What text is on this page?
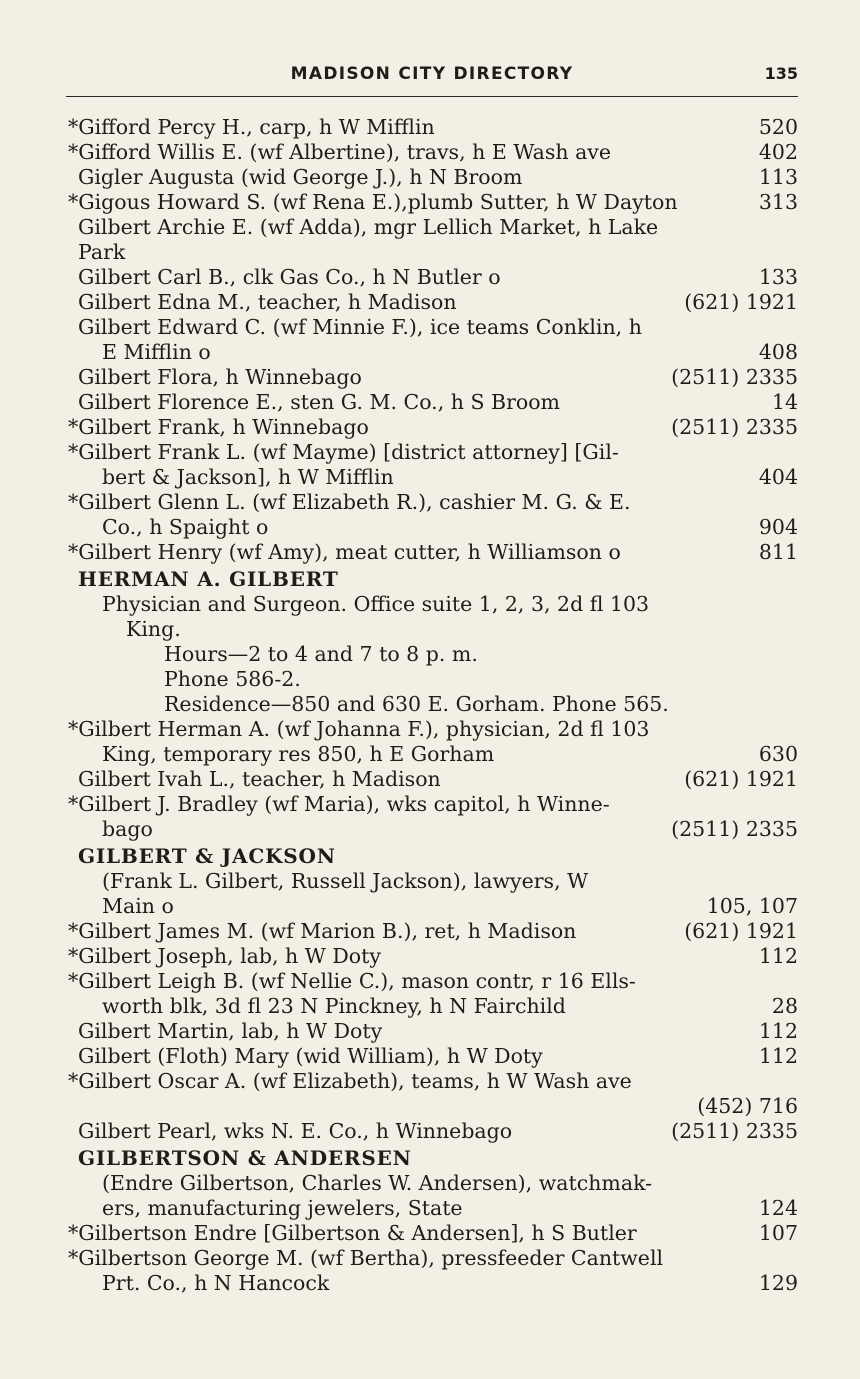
MADISON CITY DIRECTORY	135
*Gifford Percy H., carp, h W Mifflin	520
*Gifford Willis E. (wf Albertine), travs, h E Wash ave	402
Gigler Augusta (wid George J.), h N Broom	113
*Gigous Howard S. (wf Rena E.),plumb Sutter, h W Dayton	313
Gilbert Archie E. (wf Adda), mgr Lellich Market, h Lake
Park
Gilbert Carl B., clk Gas Co., h N Butler o	133
Gilbert Edna M., teacher, h Madison	(621) 1921
Gilbert Edward C. (wf Minnie F.), ice teams Conklin, h
E Mifflin o	408
Gilbert Flora, h Winnebago	(2511) 2335
Gilbert Florence E., sten G. M. Co., h S Broom	14
*Gilbert Frank, h Winnebago	(2511) 2335
*Gilbert Frank L. (wf Mayme) [district attorney] [Gil-
bert & Jackson], h W Mifflin	404
*Gilbert Glenn L. (wf Elizabeth R.), cashier M. G. & E.
Co., h Spaight o	904
*Gilbert Henry (wf Amy), meat cutter, h Williamson o	811
HERMAN A. GILBERT
Physician and Surgeon. Office suite 1, 2, 3, 2d fl 103
King.
Hours—2 to 4 and 7 to 8 p. m.
Phone 586-2.
Residence—850 and 630 E. Gorham. Phone 565.
*Gilbert Herman A. (wf Johanna F.), physician, 2d fl 103
King, temporary res 850, h E Gorham	630
Gilbert Ivah L., teacher, h Madison	(621) 1921
*Gilbert J. Bradley (wf Maria), wks capitol, h Winne-
bago	(2511) 2335
GILBERT & JACKSON
(Frank L. Gilbert, Russell Jackson), lawyers, W
Main o	105, 107
*Gilbert James M. (wf Marion B.), ret, h Madison	(621) 1921
*Gilbert Joseph, lab, h W Doty	112
*Gilbert Leigh B. (wf Nellie C.), mason contr, r 16 Ells-
worth blk, 3d fl 23 N Pinckney, h N Fairchild	28
Gilbert Martin, lab, h W Doty	112
Gilbert (Floth) Mary (wid William), h W Doty	112
*Gilbert Oscar A. (wf Elizabeth), teams, h W Wash ave
(452) 716
Gilbert Pearl, wks N. E. Co., h Winnebago	(2511) 2335
GILBERTSON & ANDERSEN
(Endre Gilbertson, Charles W. Andersen), watchmak-
ers, manufacturing jewelers, State	124
*Gilbertson Endre [Gilbertson & Andersen], h S Butler	107
*Gilbertson George M. (wf Bertha), pressfeeder Cantwell
Prt. Co., h N Hancock	129
